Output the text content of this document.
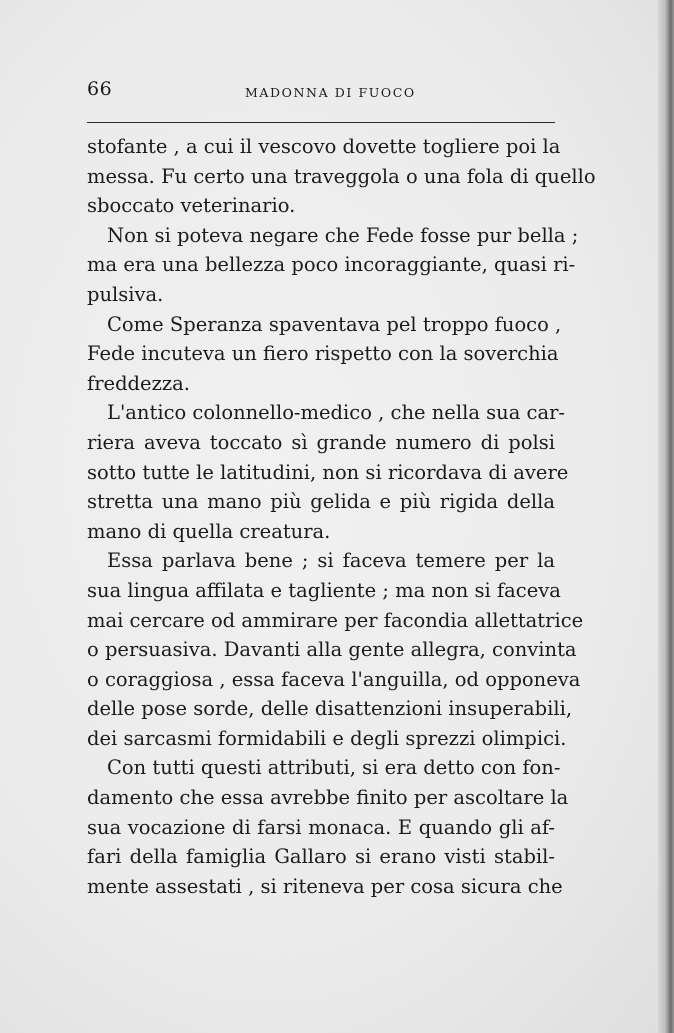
66	MADONNA DI FUOCO
stofante , a cui il vescovo dovette togliere poi la
messa. Fu certo una traveggola o una fola di quello
sboccato veterinario.
Non si poteva negare che Fede fosse pur bella ;
ma era una bellezza poco incoraggiante, quasi ri-
pulsiva.
Come Speranza spaventava pel troppo fuoco ,
Fede incuteva un fiero rispetto con la soverchia
freddezza.
L'antico colonnello-medico , che nella sua car-
riera aveva toccato sì grande numero di polsi
sotto tutte le latitudini, non si ricordava di avere
stretta una mano più gelida e più rigida della
mano di quella creatura.
Essa parlava bene ; si faceva temere per la
sua lingua affilata e tagliente ; ma non si faceva
mai cercare od ammirare per facondia allettatrice
o persuasiva. Davanti alla gente allegra, convinta
o coraggiosa , essa faceva l'anguilla, od opponeva
delle pose sorde, delle disattenzioni insuperabili,
dei sarcasmi formidabili e degli sprezzi olimpici.
Con tutti questi attributi, si era detto con fon-
damento che essa avrebbe finito per ascoltare la
sua vocazione di farsi monaca. E quando gli af-
fari della famiglia Gallaro si erano visti stabil-
mente assestati , si riteneva per cosa sicura che
